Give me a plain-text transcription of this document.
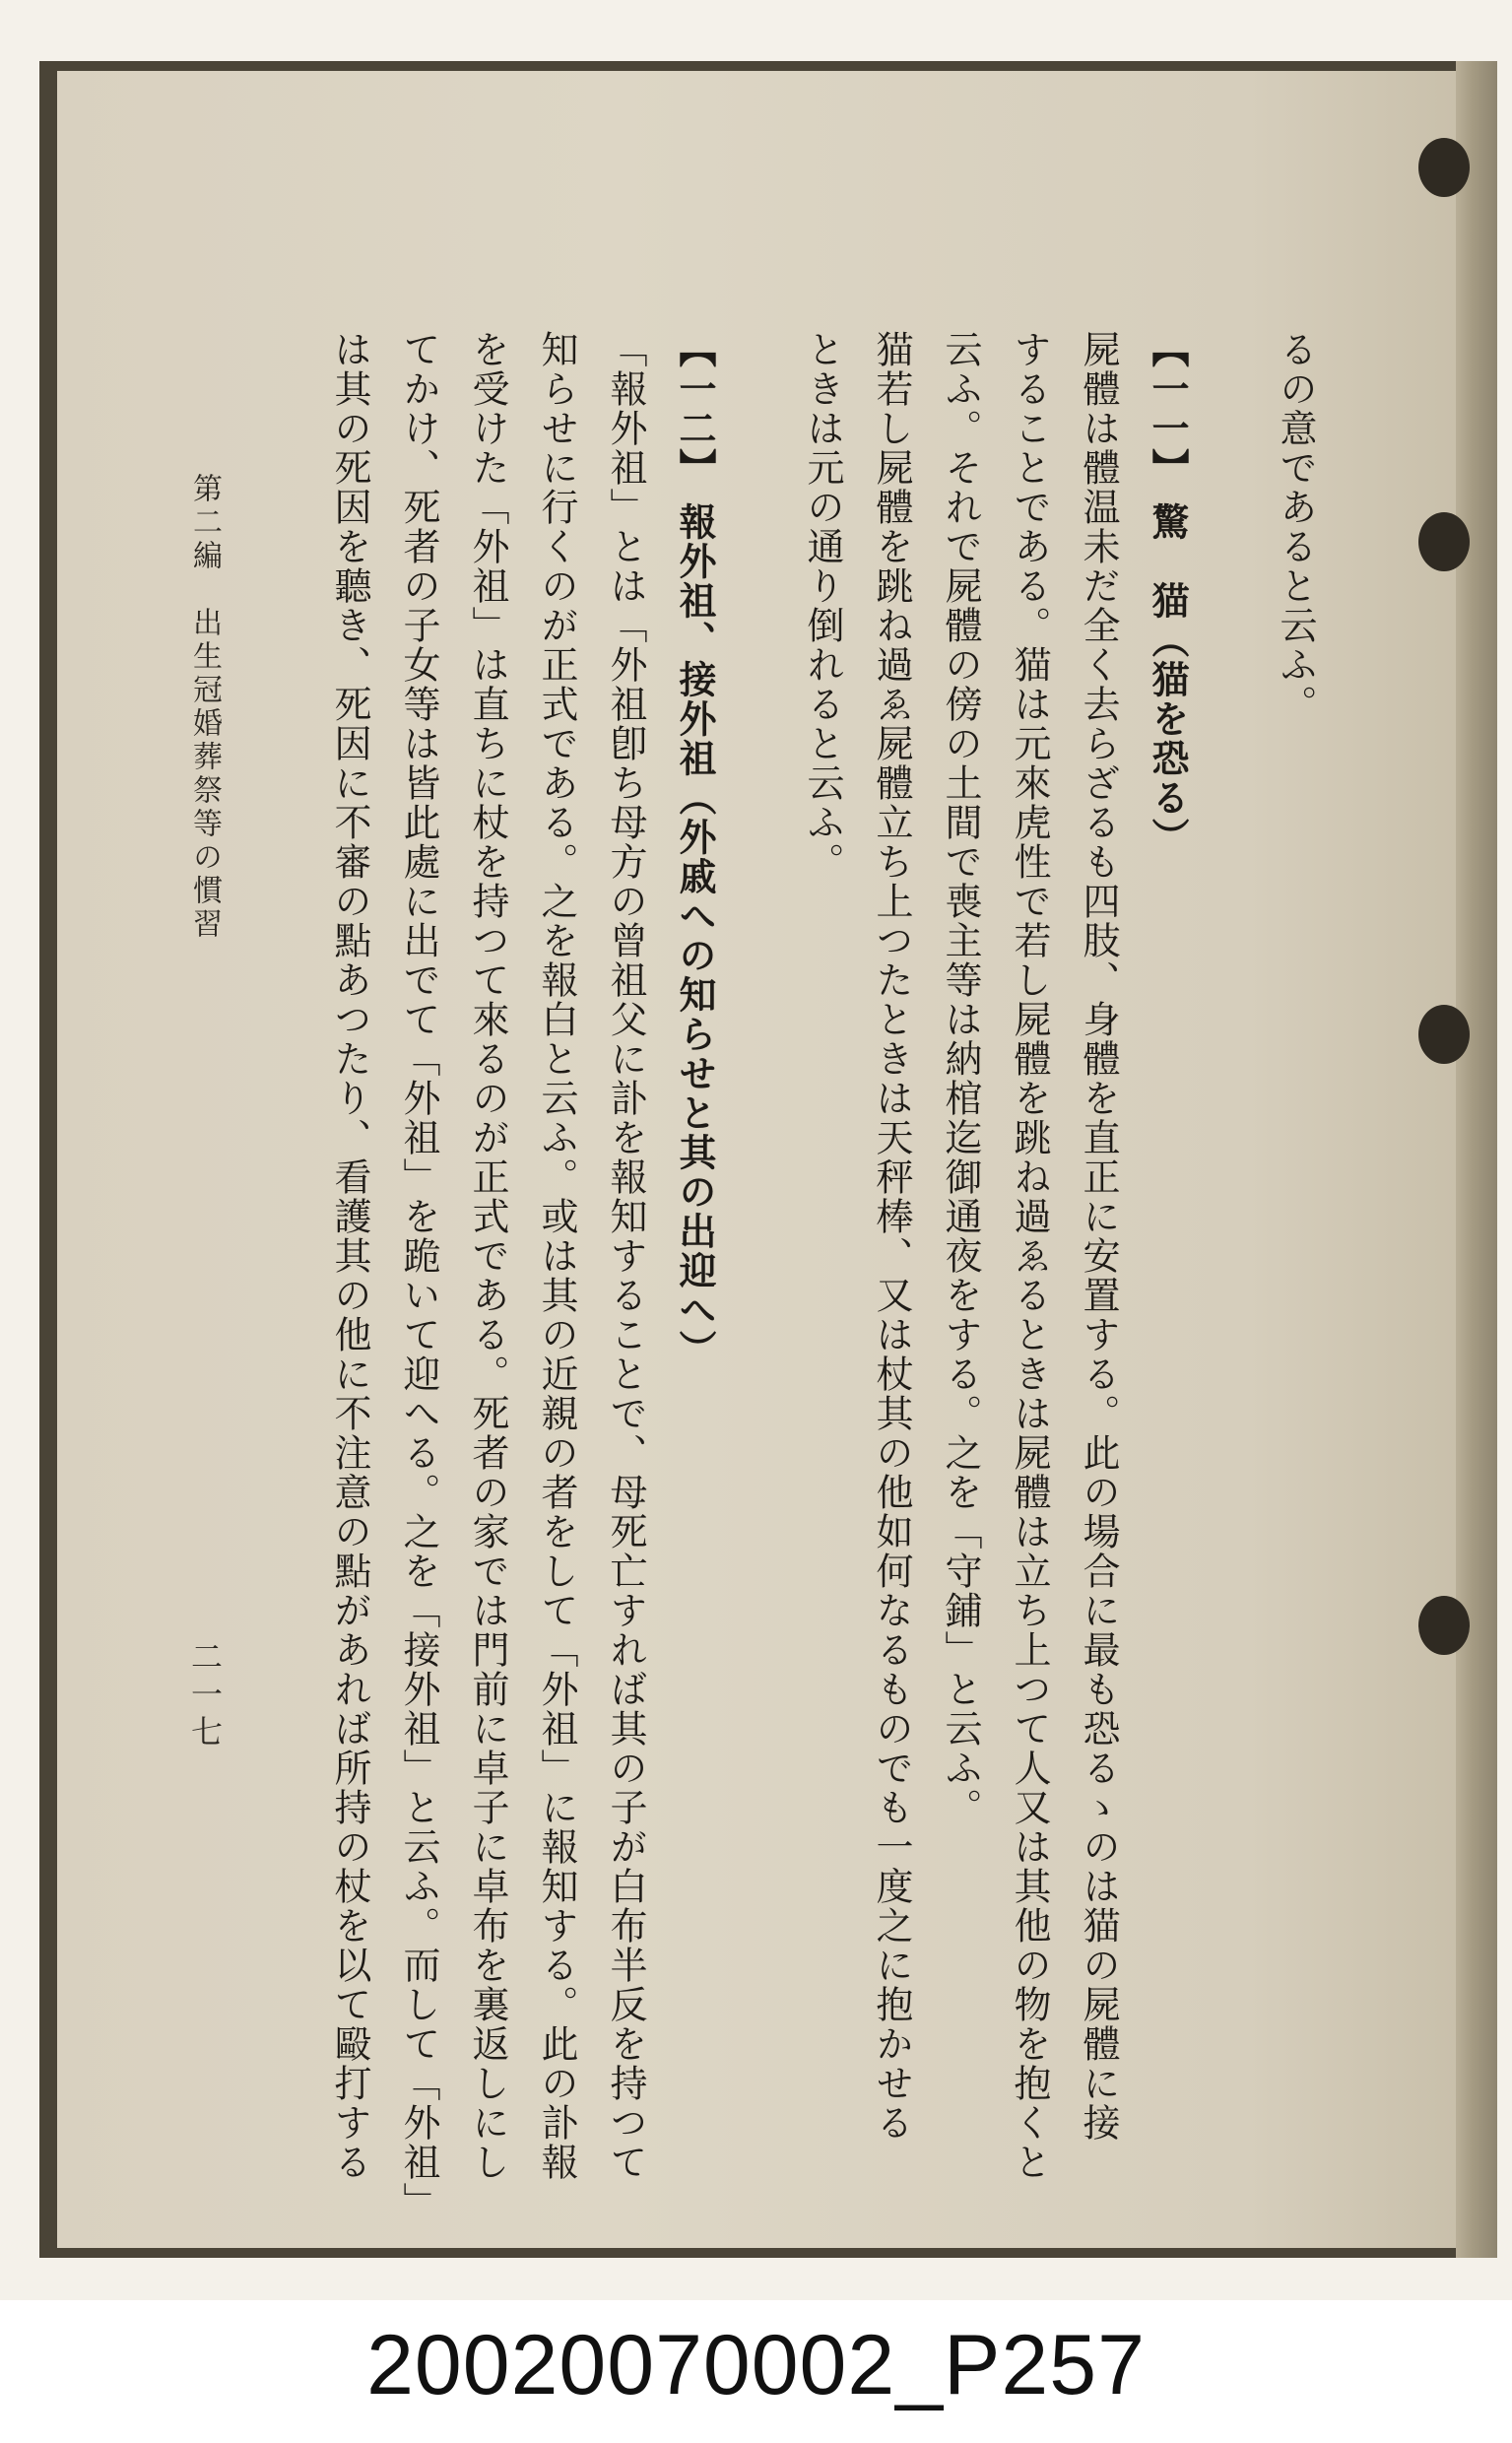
るの意であると云ふ。
【一一】 驚　猫（猫を恐る）
屍體は體温未だ全く去らざるも四肢、身體を直正に安置する。此の場合に最も恐るゝのは猫の屍體に接
することである。猫は元來虎性で若し屍體を跳ね過ゑるときは屍體は立ち上つて人又は其他の物を抱くと
云ふ。それで屍體の傍の土間で喪主等は納棺迄御通夜をする。之を「守鋪」と云ふ。
猫若し屍體を跳ね過ゑ屍體立ち上つたときは天秤棒、又は杖其の他如何なるものでも一度之に抱かせる
ときは元の通り倒れると云ふ。
【一二】 報外祖、接外祖（外戚への知らせと其の出迎へ）
「報外祖」とは「外祖卽ち母方の曾祖父に訃を報知することで、母死亡すれば其の子が白布半反を持つて
知らせに行くのが正式である。之を報白と云ふ。或は其の近親の者をして「外祖」に報知する。此の訃報
を受けた「外祖」は直ちに杖を持つて來るのが正式である。死者の家では門前に卓子に卓布を裏返しにし
てかけ、死者の子女等は皆此處に出でて「外祖」を跪いて迎へる。之を「接外祖」と云ふ。而して「外祖」
は其の死因を聽き、死因に不審の點あつたり、看護其の他に不注意の點があれば所持の杖を以て毆打する
第二編　出生冠婚葬祭等の慣習
二一七
20020070002_P257
